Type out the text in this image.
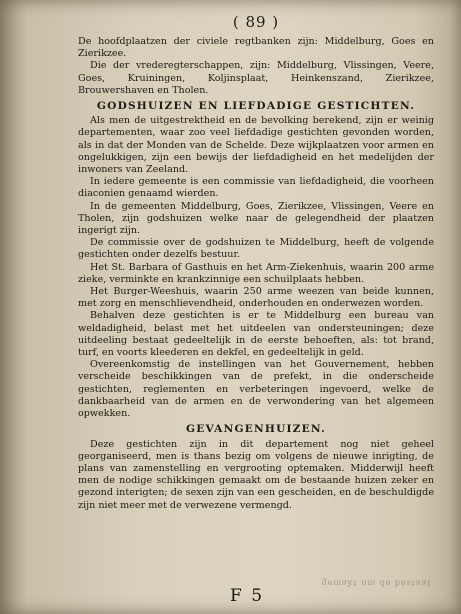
( 89 )

De hoofdplaatzen der civiele regtbanken zijn: Middelburg, Goes en Zierikzee.

Die der vrederegterschappen, zijn: Middelburg, Vlissingen, Veere, Goes, Kruiningen, Koljinsplaat, Heinkenszand, Zierikzee, Brouwershaven en Tholen.

GODSHUIZEN EN LIEFDADIGE GESTICHTEN.

Als men de uitgestrektheid en de bevolking berekend, zijn er weinig departementen, waar zoo veel liefdadige gestichten gevonden worden, als in dat der Monden van de Schelde. Deze wijkplaatzen voor armen en ongelukkigen, zijn een bewijs der liefdadigheid en het medelijden der inwoners van Zeeland.

In iedere gemeente is een commissie van liefdadigheid, die voorheen diaconien genaamd wierden.

In de gemeenten Middelburg, Goes, Zierikzee, Vlissingen, Veere en Tholen, zijn godshuizen welke naar de gelegendheid der plaatzen ingerigt zijn.

De commissie over de godshuizen te Middelburg, heeft de volgende gestichten onder dezelfs bestuur.

Het St. Barbara of Gasthuis en het Arm-Ziekenhuis, waarin 200 arme zieke, verminkte en krankzinnige een schuilplaats hebben.

Het Burger-Weeshuis, waarin 250 arme weezen van beide kunnen, met zorg en menschlievendheid, onderhouden en onderwezen worden.

Behalven deze gestichten is er te Middelburg een bureau van weldadigheid, belast met het uitdeelen van ondersteuningen; deze uitdeeling bestaat gedeeltelijk in de eerste behoeften, als: tot brand, turf, en voorts kleederen en dekfel, en gedeeltelijk in geld.

Overeenkomstig de instellingen van het Gouvernement, hebben verscheide beschikkingen van de prefekt, in die onderscheide gestichten, reglementen en verbeteringen ingevoerd, welke de dankbaarheid van de armen en de verwondering van het algemeen opwekken.

GEVANGENHUIZEN.

Deze gestichten zijn in dit departement nog niet geheel georganiseerd, men is thans bezig om volgens de nieuwe inrigting, de plans van zamenstelling en vergrooting optemaken. Midderwijl heeft men de nodige schikkingen gemaakt om de bestaande huizen zeker en gezond interigten; de sexen zijn van een gescheiden, en de beschuldigde zijn niet meer met de verwezene vermengd.

ɟɐɐʇsǝq ǝp ɯo ʇʞɐɯǝƃ
F 5
